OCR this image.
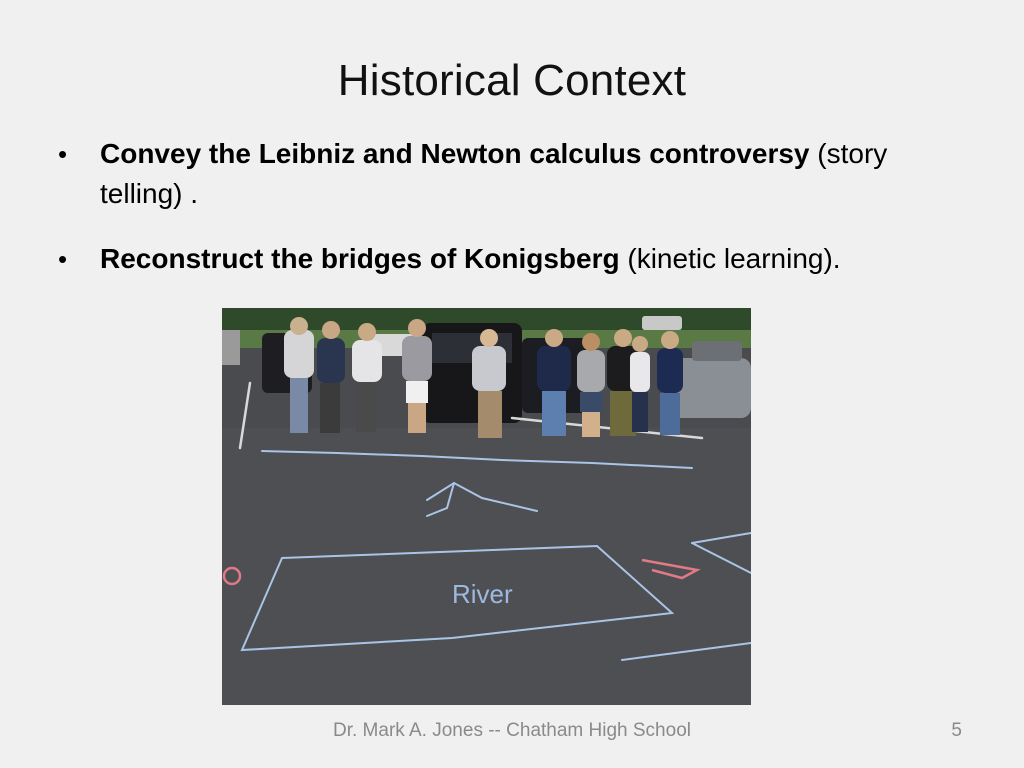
Historical Context
• Convey the Leibniz and Newton calculus controversy (story telling) .
• Reconstruct the bridges of Konigsberg (kinetic learning).
River
Dr. Mark A. Jones -- Chatham High School	5
